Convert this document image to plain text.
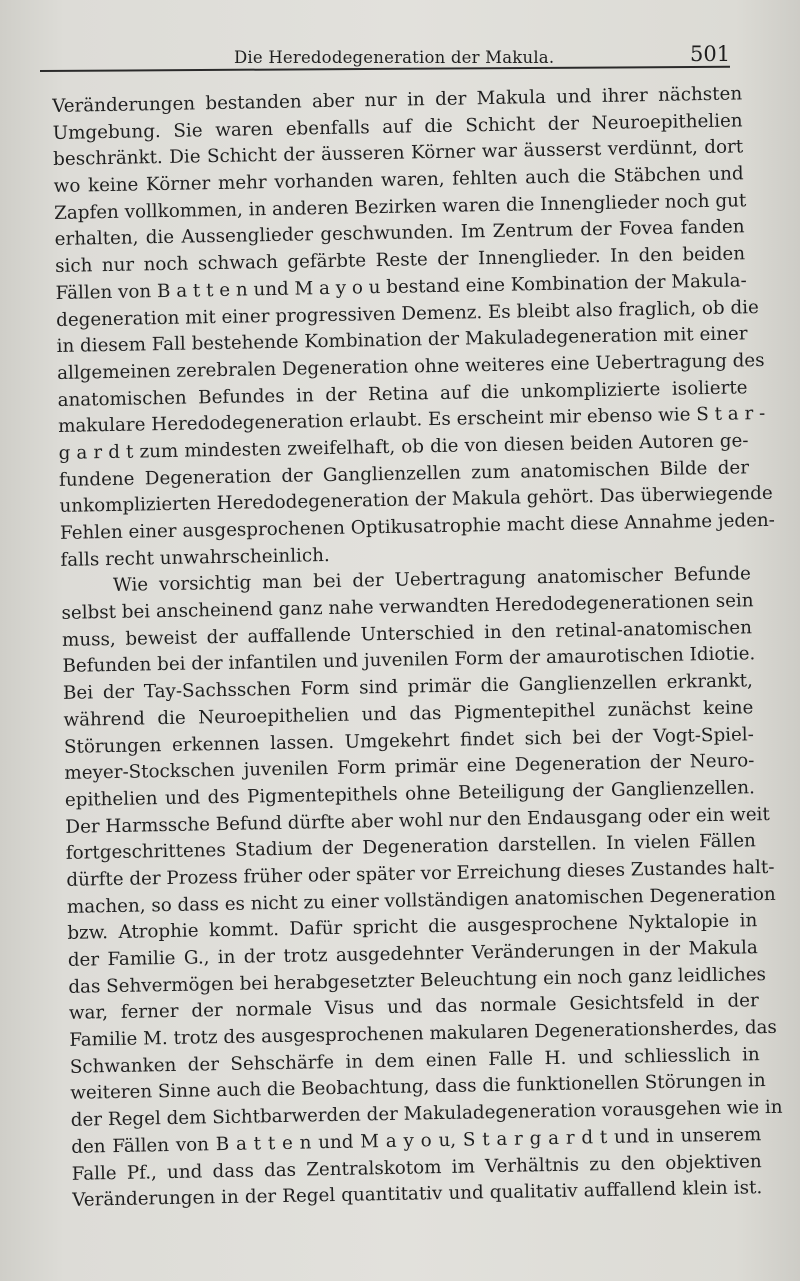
Die Heredodegeneration der Makula.	501
Veränderungen bestanden aber nur in der Makula und ihrer nächsten
Umgebung. Sie waren ebenfalls auf die Schicht der Neuroepithelien
beschränkt. Die Schicht der äusseren Körner war äusserst verdünnt, dort
wo keine Körner mehr vorhanden waren, fehlten auch die Stäbchen und
Zapfen vollkommen, in anderen Bezirken waren die Innenglieder noch gut
erhalten, die Aussenglieder geschwunden. Im Zentrum der Fovea fanden
sich nur noch schwach gefärbte Reste der Innenglieder. In den beiden
Fällen von B a t t e n und M a y o u bestand eine Kombination der Makula-
degeneration mit einer progressiven Demenz. Es bleibt also fraglich, ob die
in diesem Fall bestehende Kombination der Makuladegeneration mit einer
allgemeinen zerebralen Degeneration ohne weiteres eine Uebertragung des
anatomischen Befundes in der Retina auf die unkomplizierte isolierte
makulare Heredodegeneration erlaubt. Es erscheint mir ebenso wie S t a r -
g a r d t zum mindesten zweifelhaft, ob die von diesen beiden Autoren ge-
fundene Degeneration der Ganglienzellen zum anatomischen Bilde der
unkomplizierten Heredodegeneration der Makula gehört. Das überwiegende
Fehlen einer ausgesprochenen Optikusatrophie macht diese Annahme jeden-
falls recht unwahrscheinlich.
Wie vorsichtig man bei der Uebertragung anatomischer Befunde
selbst bei anscheinend ganz nahe verwandten Heredodegenerationen sein
muss, beweist der auffallende Unterschied in den retinal-anatomischen
Befunden bei der infantilen und juvenilen Form der amaurotischen Idiotie.
Bei der Tay-Sachsschen Form sind primär die Ganglienzellen erkrankt,
während die Neuroepithelien und das Pigmentepithel zunächst keine
Störungen erkennen lassen. Umgekehrt findet sich bei der Vogt-Spiel-
meyer-Stockschen juvenilen Form primär eine Degeneration der Neuro-
epithelien und des Pigmentepithels ohne Beteiligung der Ganglienzellen.
Der Harmssche Befund dürfte aber wohl nur den Endausgang oder ein weit
fortgeschrittenes Stadium der Degeneration darstellen. In vielen Fällen
dürfte der Prozess früher oder später vor Erreichung dieses Zustandes halt-
machen, so dass es nicht zu einer vollständigen anatomischen Degeneration
bzw. Atrophie kommt. Dafür spricht die ausgesprochene Nyktalopie in
der Familie G., in der trotz ausgedehnter Veränderungen in der Makula
das Sehvermögen bei herabgesetzter Beleuchtung ein noch ganz leidliches
war, ferner der normale Visus und das normale Gesichtsfeld in der
Familie M. trotz des ausgesprochenen makularen Degenerationsherdes, das
Schwanken der Sehschärfe in dem einen Falle H. und schliesslich in
weiteren Sinne auch die Beobachtung, dass die funktionellen Störungen in
der Regel dem Sichtbarwerden der Makuladegeneration vorausgehen wie in
den Fällen von B a t t e n und M a y o u, S t a r g a r d t und in unserem
Falle Pf., und dass das Zentralskotom im Verhältnis zu den objektiven
Veränderungen in der Regel quantitativ und qualitativ auffallend klein ist.
